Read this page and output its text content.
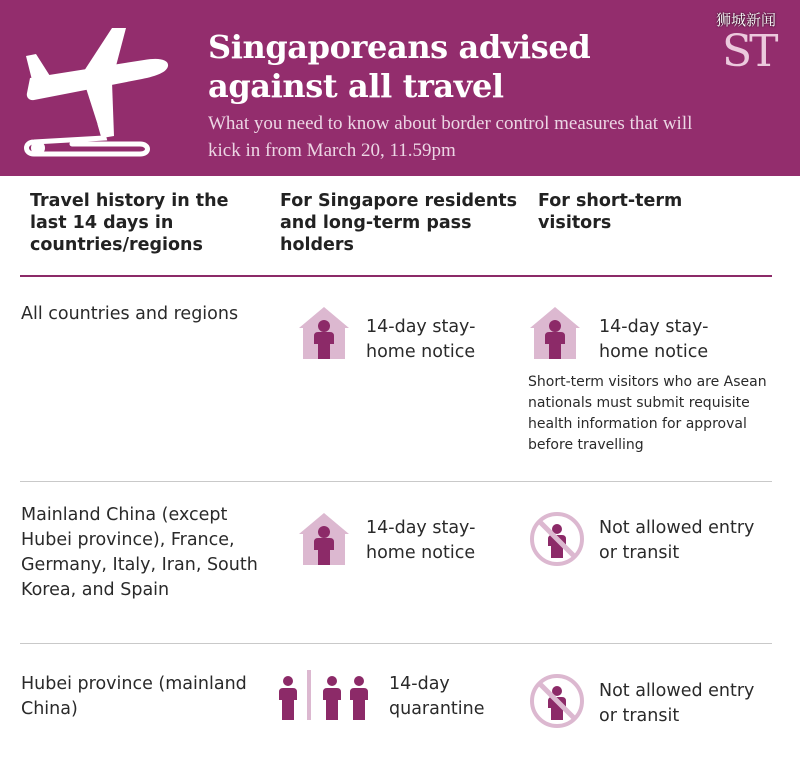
Singaporeans advised against all travel

What you need to know about border control measures that will kick in from March 20, 11.59pm

ST
狮城新闻
Travel history in the last 14 days in countries/regions
For Singapore residents and long-term pass holders
For short-term visitors
All countries and regions
14-day stay-home notice
14-day stay-home notice
Short-term visitors who are Asean nationals must submit requisite health information for approval before travelling
Mainland China (except Hubei province), France, Germany, Italy, Iran, South Korea, and Spain
14-day stay-home notice
Not allowed entry or transit
Hubei province (mainland China)
14-day quarantine
Not allowed entry or transit
